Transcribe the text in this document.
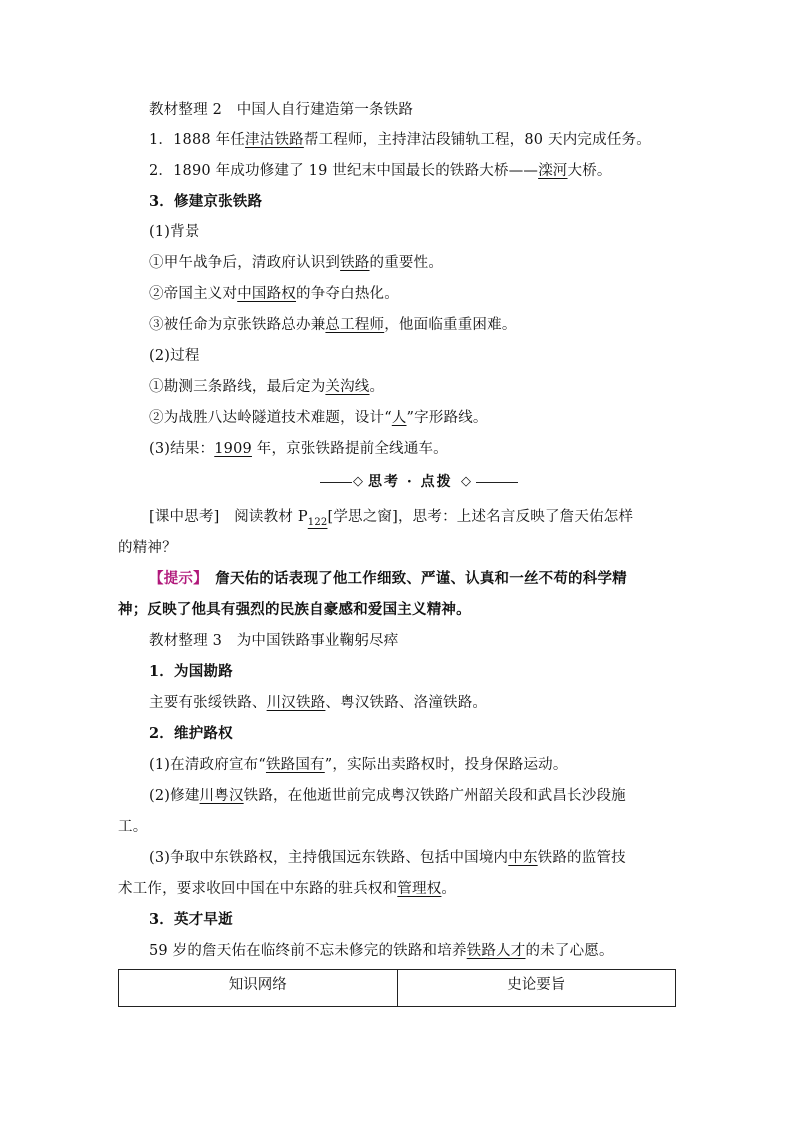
教材整理 2　中国人自行建造第一条铁路
1．1888 年任津沽铁路帮工程师，主持津沽段铺轨工程，80 天内完成任务。
2．1890 年成功修建了 19 世纪末中国最长的铁路大桥——滦河大桥。
3．修建京张铁路
(1)背景
①甲午战争后，清政府认识到铁路的重要性。
②帝国主义对中国路权的争夺白热化。
③被任命为京张铁路总办兼总工程师，他面临重重困难。
(2)过程
①勘测三条路线，最后定为关沟线。
②为战胜八达岭隧道技术难题，设计“人”字形路线。
(3)结果：1909 年，京张铁路提前全线通车。
◇ 思考 · 点拨 ◇
[课中思考]　阅读教材 $P_{122}$[学思之窗]，思考：上述名言反映了詹天佑怎样
的精神？
【提示】　詹天佑的话表现了他工作细致、严谨、认真和一丝不苟的科学精
神；反映了他具有强烈的民族自豪感和爱国主义精神。
教材整理 3　为中国铁路事业鞠躬尽瘁
1．为国勘路
主要有张绥铁路、川汉铁路、粤汉铁路、洛潼铁路。
2．维护路权
(1)在清政府宣布“铁路国有”，实际出卖路权时，投身保路运动。
(2)修建川粤汉铁路，在他逝世前完成粤汉铁路广州韶关段和武昌长沙段施
工。
(3)争取中东铁路权，主持俄国远东铁路、包括中国境内中东铁路的监管技
术工作，要求收回中国在中东路的驻兵权和管理权。
3．英才早逝
59 岁的詹天佑在临终前不忘未修完的铁路和培养铁路人才的未了心愿。
知识网络	史论要旨
